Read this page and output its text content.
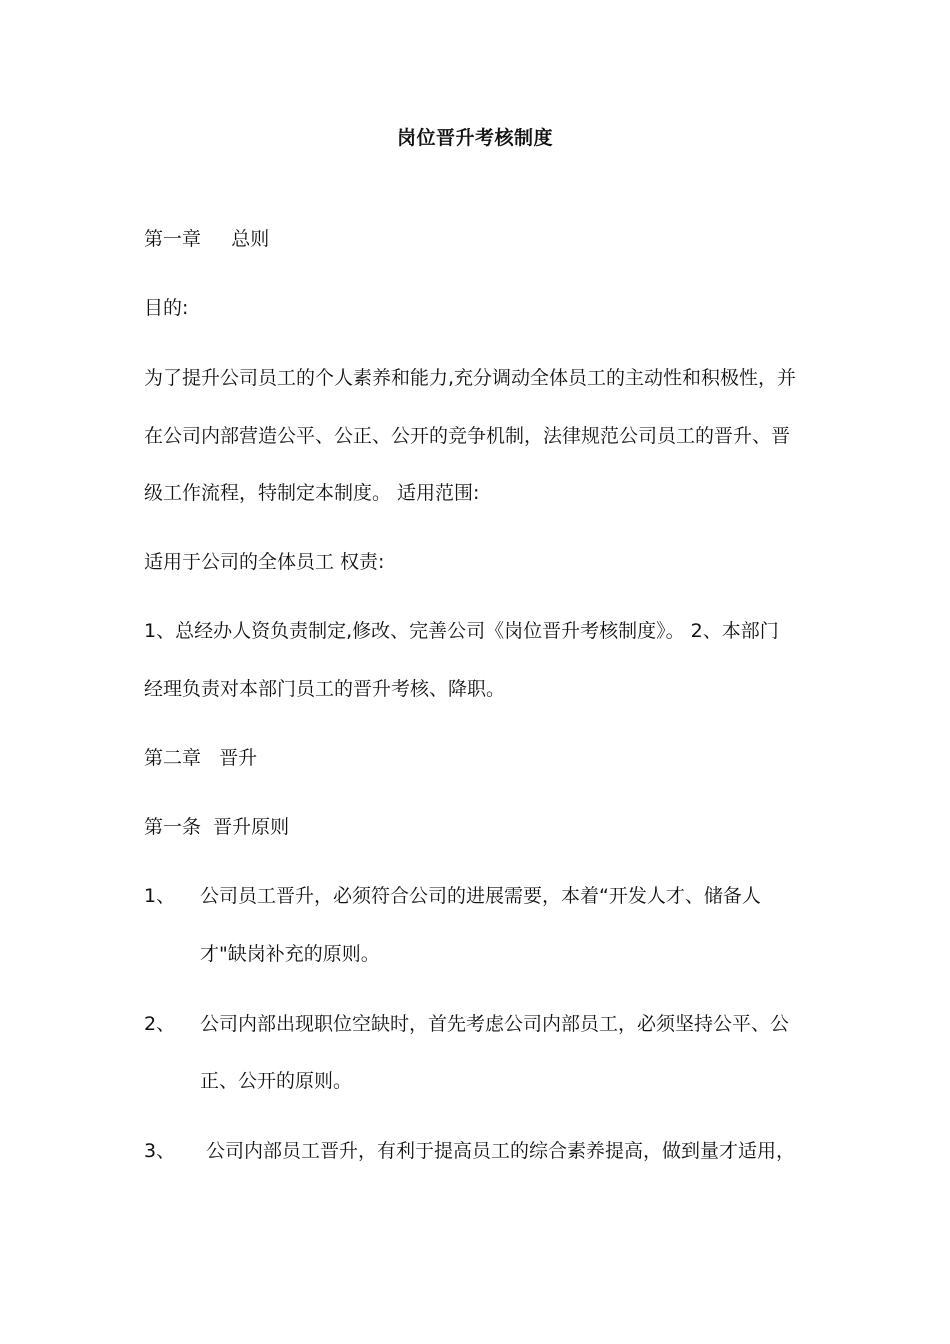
岗位晋升考核制度
第一章     总则
目的:
为了提升公司员工的个人素养和能力,充分调动全体员工的主动性和积极性，并
在公司内部营造公平、公正、公开的竞争机制，法律规范公司员工的晋升、晋
级工作流程，特制定本制度。 适用范围:
适用于公司的全体员工 权责:
1、总经办人资负责制定,修改、完善公司《岗位晋升考核制度》。 2、本部门
经理负责对本部门员工的晋升考核、降职。
第二章   晋升
第一条  晋升原则
1、 公司员工晋升，必须符合公司的进展需要，本着“开发人才、储备人
才"缺岗补充的原则。
2、 公司内部出现职位空缺时，首先考虑公司内部员工，必须坚持公平、公
正、公开的原则。
3、 公司内部员工晋升，有利于提高员工的综合素养提高，做到量才适用，
